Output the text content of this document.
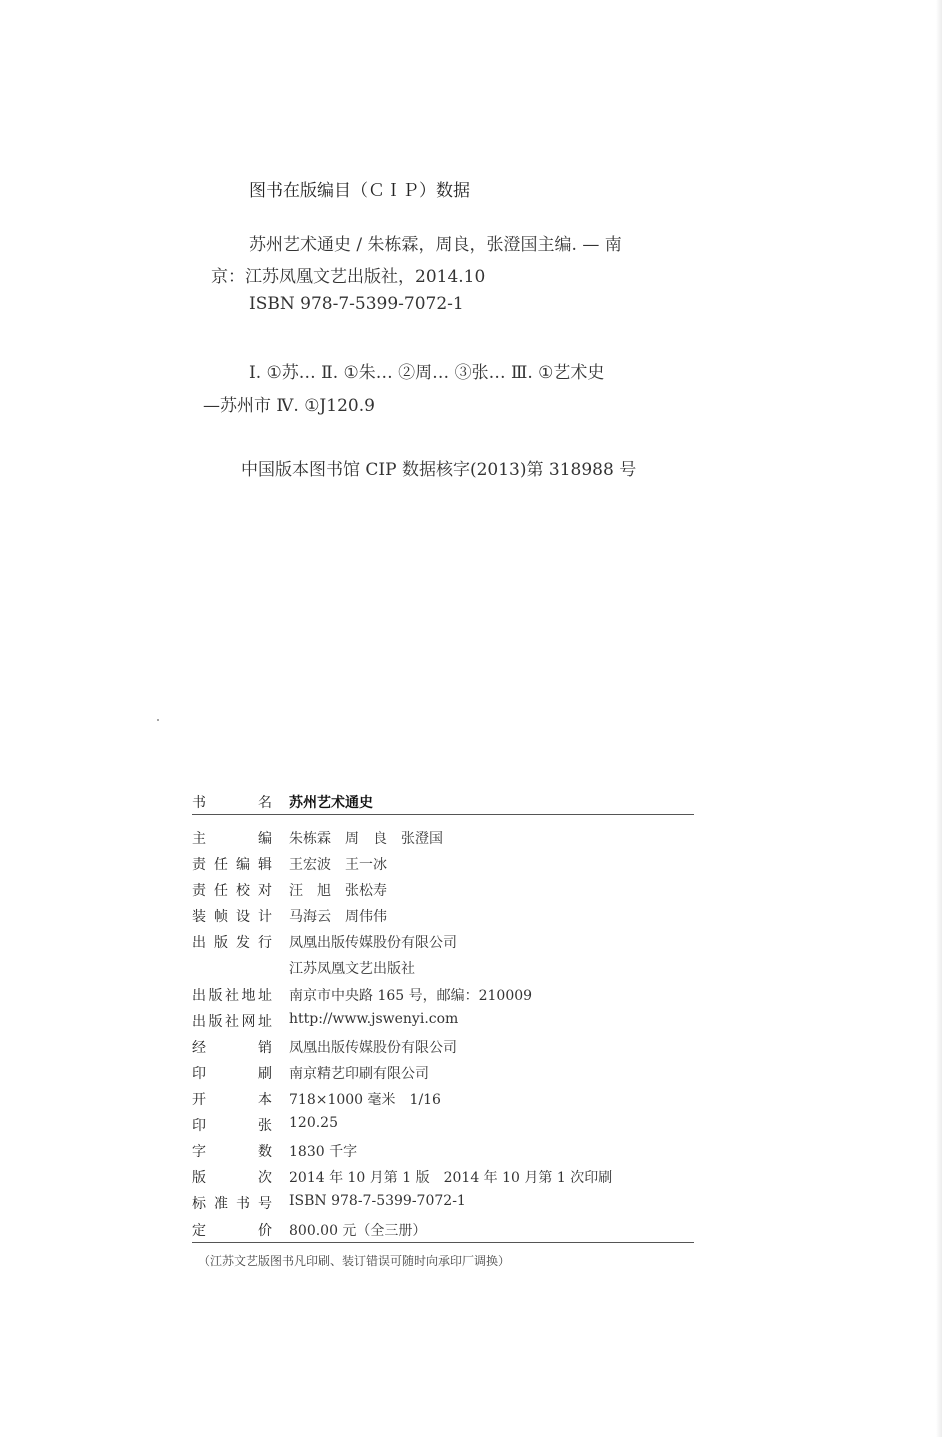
图书在版编目（ＣＩＰ）数据
苏州艺术通史 / 朱栋霖，周良，张澄国主编. — 南
京：江苏凤凰文艺出版社，2014.10
ISBN 978-7-5399-7072-1
Ⅰ. ①苏… Ⅱ. ①朱… ②周… ③张… Ⅲ. ①艺术史
—苏州市 Ⅳ. ①J120.9
中国版本图书馆 CIP 数据核字(2013)第 318988 号
书	名 苏州艺术通史
主	编 朱栋霖　周　良　张澄国
责 任 编 辑 王宏波　王一冰
责 任 校 对 汪　旭　张松寿
装 帧 设 计 马海云　周伟伟
出 版 发 行 凤凰出版传媒股份有限公司
江苏凤凰文艺出版社
出 版 社 地 址 南京市中央路 165 号，邮编：210009
出 版 社 网 址 http://www.jswenyi.com
经	销 凤凰出版传媒股份有限公司
印	刷 南京精艺印刷有限公司
开	本 718×1000 毫米　1/16
印	张 120.25
字	数 1830 千字
版	次 2014 年 10 月第 1 版　2014 年 10 月第 1 次印刷
标 准 书 号 ISBN 978-7-5399-7072-1
定	价 800.00 元（全三册）
（江苏文艺版图书凡印刷、装订错误可随时向承印厂调换）
